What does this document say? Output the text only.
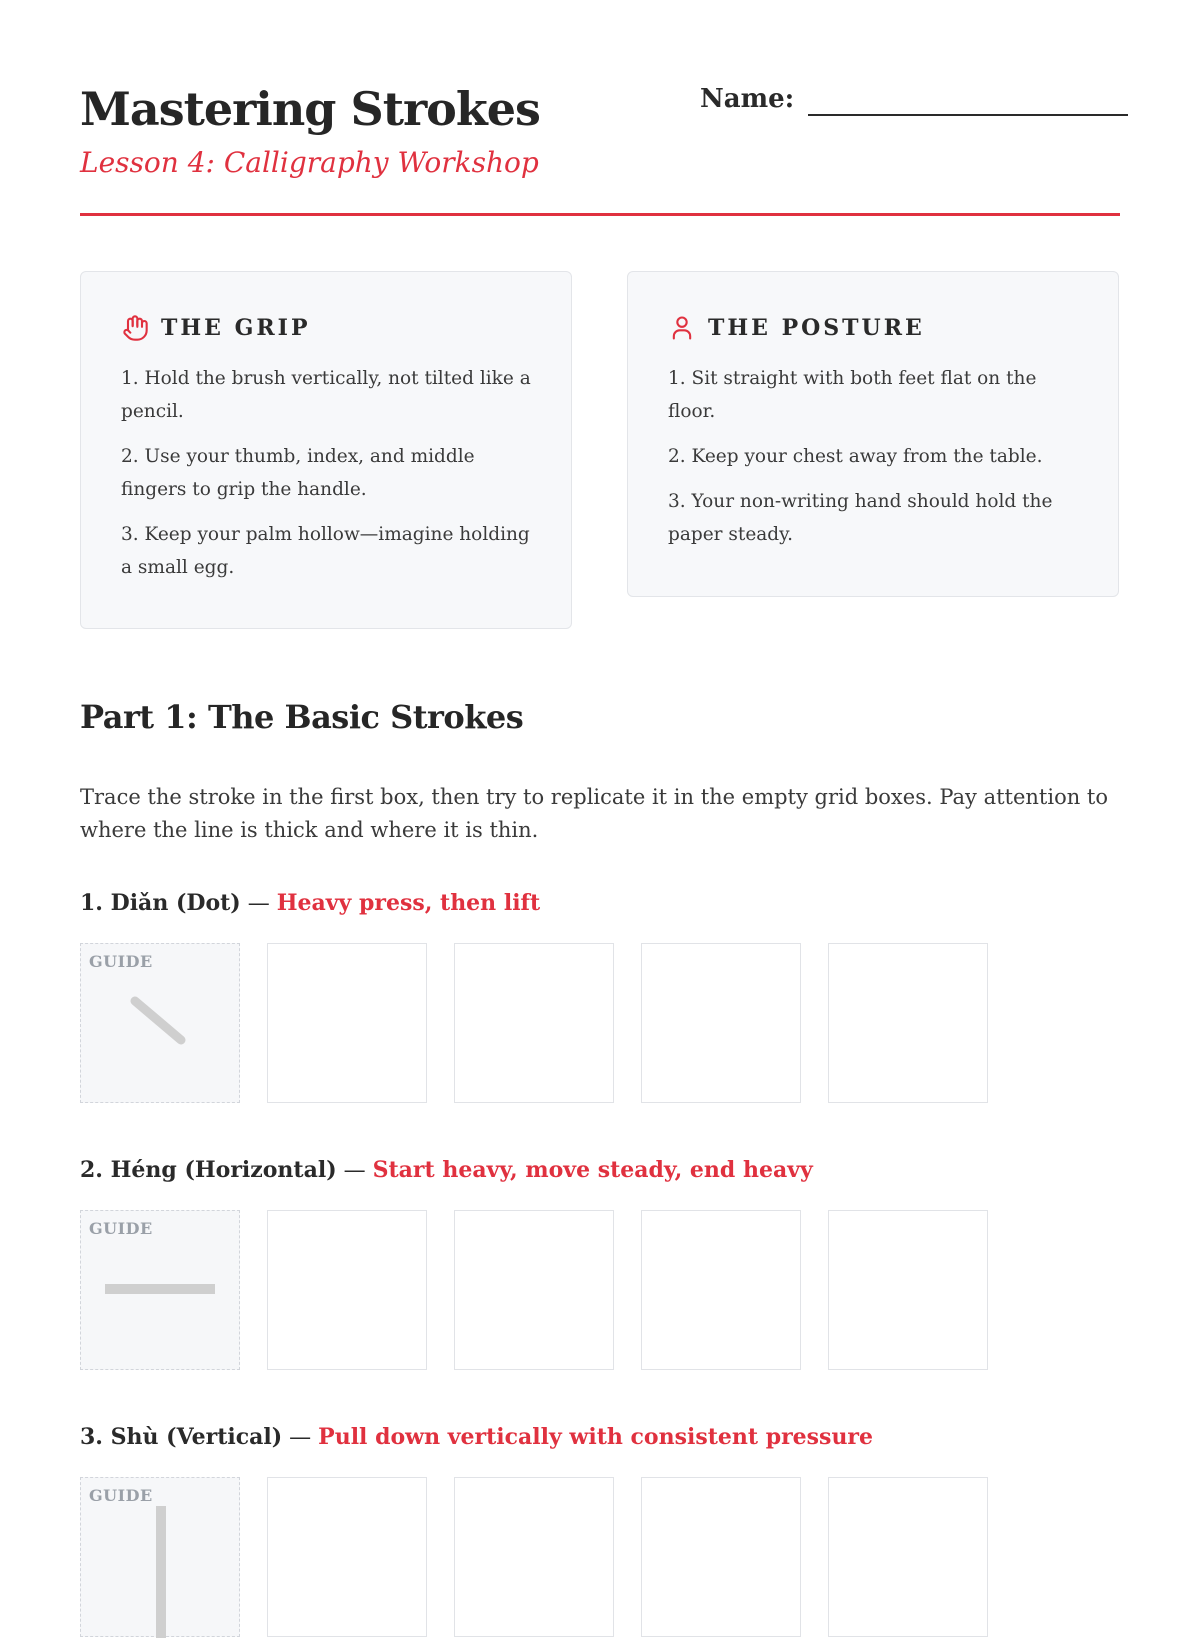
Mastering Strokes

Lesson 4: Calligraphy Workshop

Name:
THE GRIP
1. Hold the brush vertically, not tilted like a pencil.
2. Use your thumb, index, and middle fingers to grip the handle.
3. Keep your palm hollow—imagine holding a small egg.
THE POSTURE
1. Sit straight with both feet flat on the floor.
2. Keep your chest away from the table.
3. Your non-writing hand should hold the paper steady.
Part 1: The Basic Strokes

Trace the stroke in the first box, then try to replicate it in the empty grid boxes. Pay attention to where the line is thick and where it is thin.

1. Diǎn (Dot) — Heavy press, then lift
GUIDE
2. Héng (Horizontal) — Start heavy, move steady, end heavy
GUIDE
3. Shù (Vertical) — Pull down vertically with consistent pressure
GUIDE
